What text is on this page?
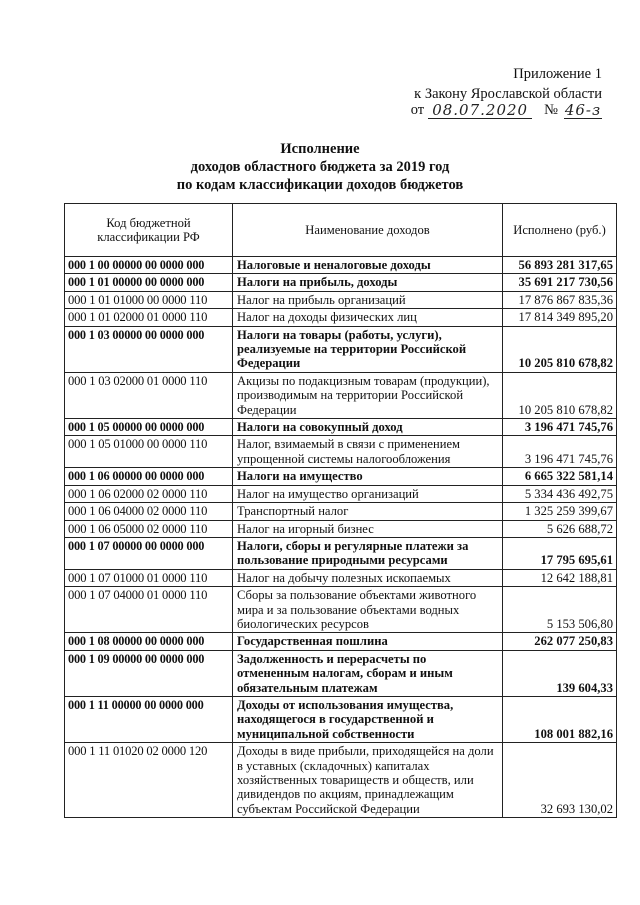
Приложение 1
к Закону Ярославской области
от 08.07.2020 № 46-з
Исполнение
доходов областного бюджета за 2019 год
по кодам классификации доходов бюджетов
Код бюджетной классификации РФ	Наименование доходов	Исполнено (руб.)
000 1 00 00000 00 0000 000	Налоговые и неналоговые доходы	56 893 281 317,65
000 1 01 00000 00 0000 000	Налоги на прибыль, доходы	35 691 217 730,56
000 1 01 01000 00 0000 110	Налог на прибыль организаций	17 876 867 835,36
000 1 01 02000 01 0000 110	Налог на доходы физических лиц	17 814 349 895,20
000 1 03 00000 00 0000 000	Налоги на товары (работы, услуги), реализуемые на территории Российской Федерации	10 205 810 678,82
000 1 03 02000 01 0000 110	Акцизы по подакцизным товарам (продукции), производимым на территории Российской Федерации	10 205 810 678,82
000 1 05 00000 00 0000 000	Налоги на совокупный доход	3 196 471 745,76
000 1 05 01000 00 0000 110	Налог, взимаемый в связи с применением упрощенной системы налогообложения	3 196 471 745,76
000 1 06 00000 00 0000 000	Налоги на имущество	6 665 322 581,14
000 1 06 02000 02 0000 110	Налог на имущество организаций	5 334 436 492,75
000 1 06 04000 02 0000 110	Транспортный налог	1 325 259 399,67
000 1 06 05000 02 0000 110	Налог на игорный бизнес	5 626 688,72
000 1 07 00000 00 0000 000	Налоги, сборы и регулярные платежи за пользование природными ресурсами	17 795 695,61
000 1 07 01000 01 0000 110	Налог на добычу полезных ископаемых	12 642 188,81
000 1 07 04000 01 0000 110	Сборы за пользование объектами животного мира и за пользование объектами водных биологических ресурсов	5 153 506,80
000 1 08 00000 00 0000 000	Государственная пошлина	262 077 250,83
000 1 09 00000 00 0000 000	Задолженность и перерасчеты по отмененным налогам, сборам и иным обязательным платежам	139 604,33
000 1 11 00000 00 0000 000	Доходы от использования имущества, находящегося в государственной и муниципальной собственности	108 001 882,16
000 1 11 01020 02 0000 120	Доходы в виде прибыли, приходящейся на доли в уставных (складочных) капиталах хозяйственных товариществ и обществ, или дивидендов по акциям, принадлежащим субъектам Российской Федерации	32 693 130,02
